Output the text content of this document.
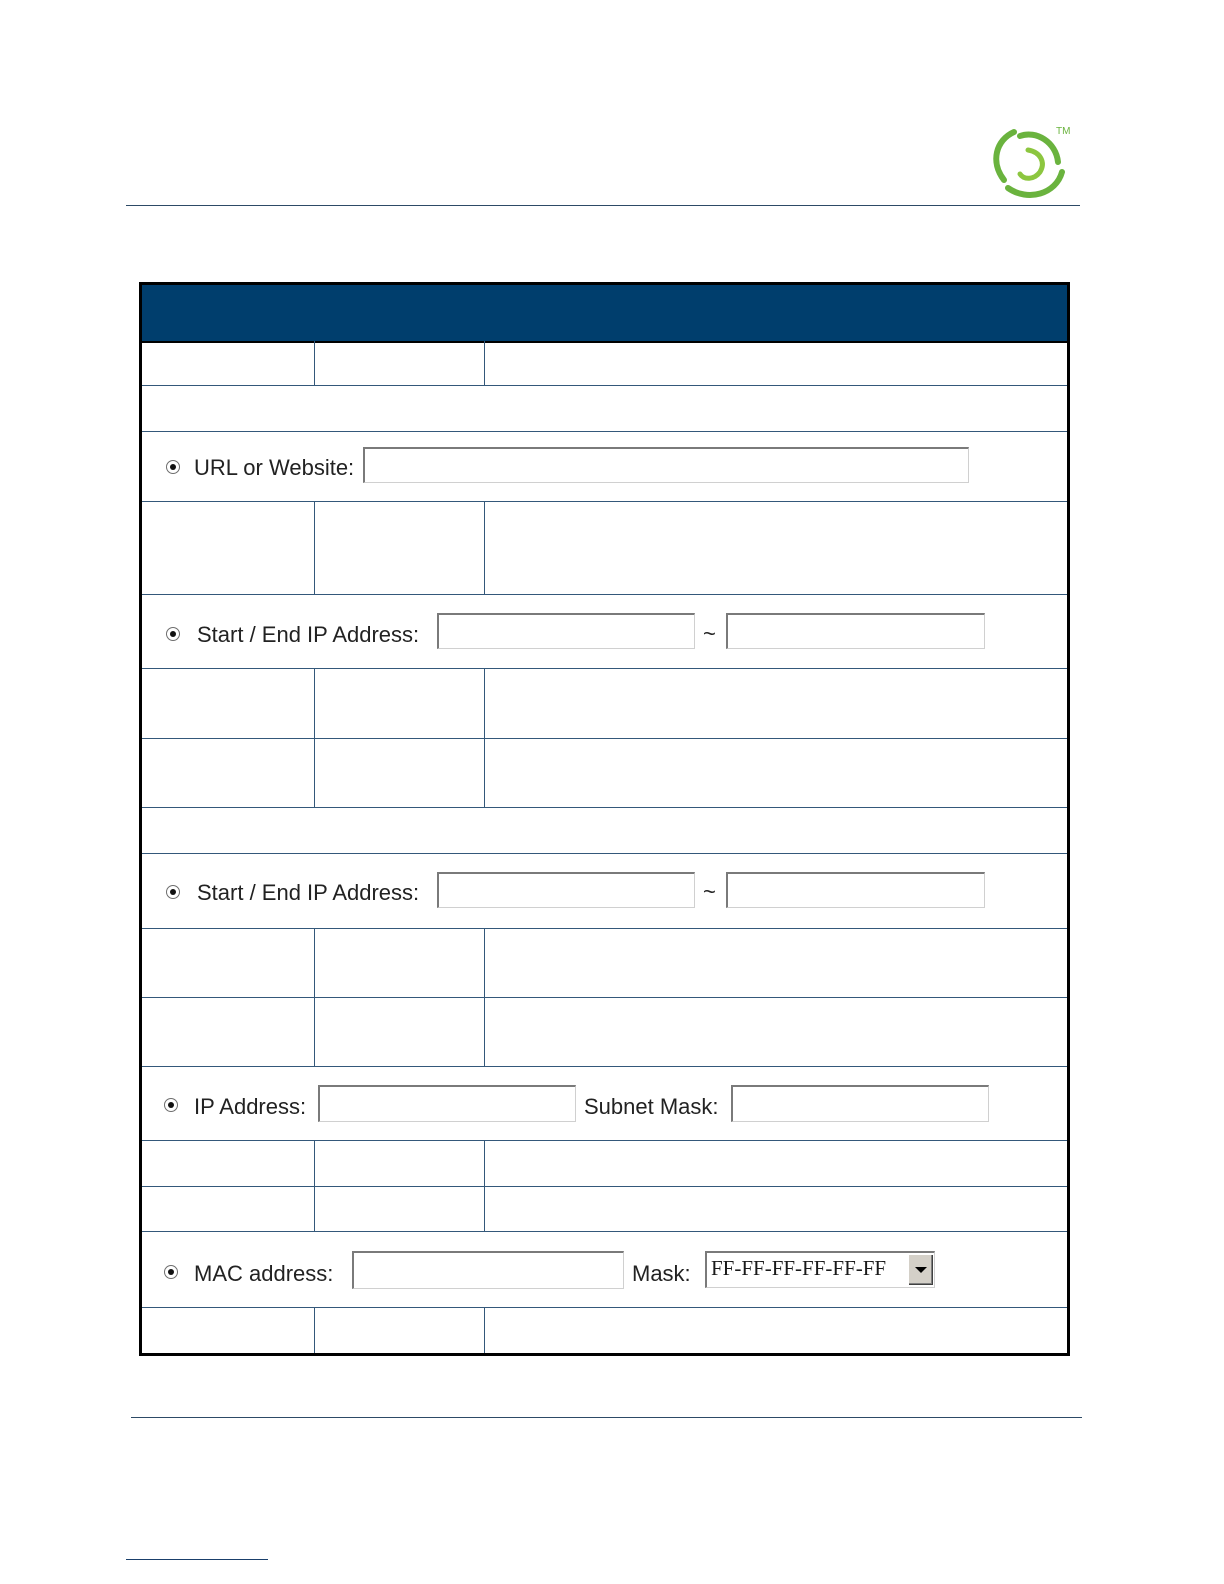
TM
URL or Website:
Start / End IP Address:	~
Start / End IP Address:	~
IP Address:	Subnet Mask:
MAC address:	Mask: FF-FF-FF-FF-FF-FF
